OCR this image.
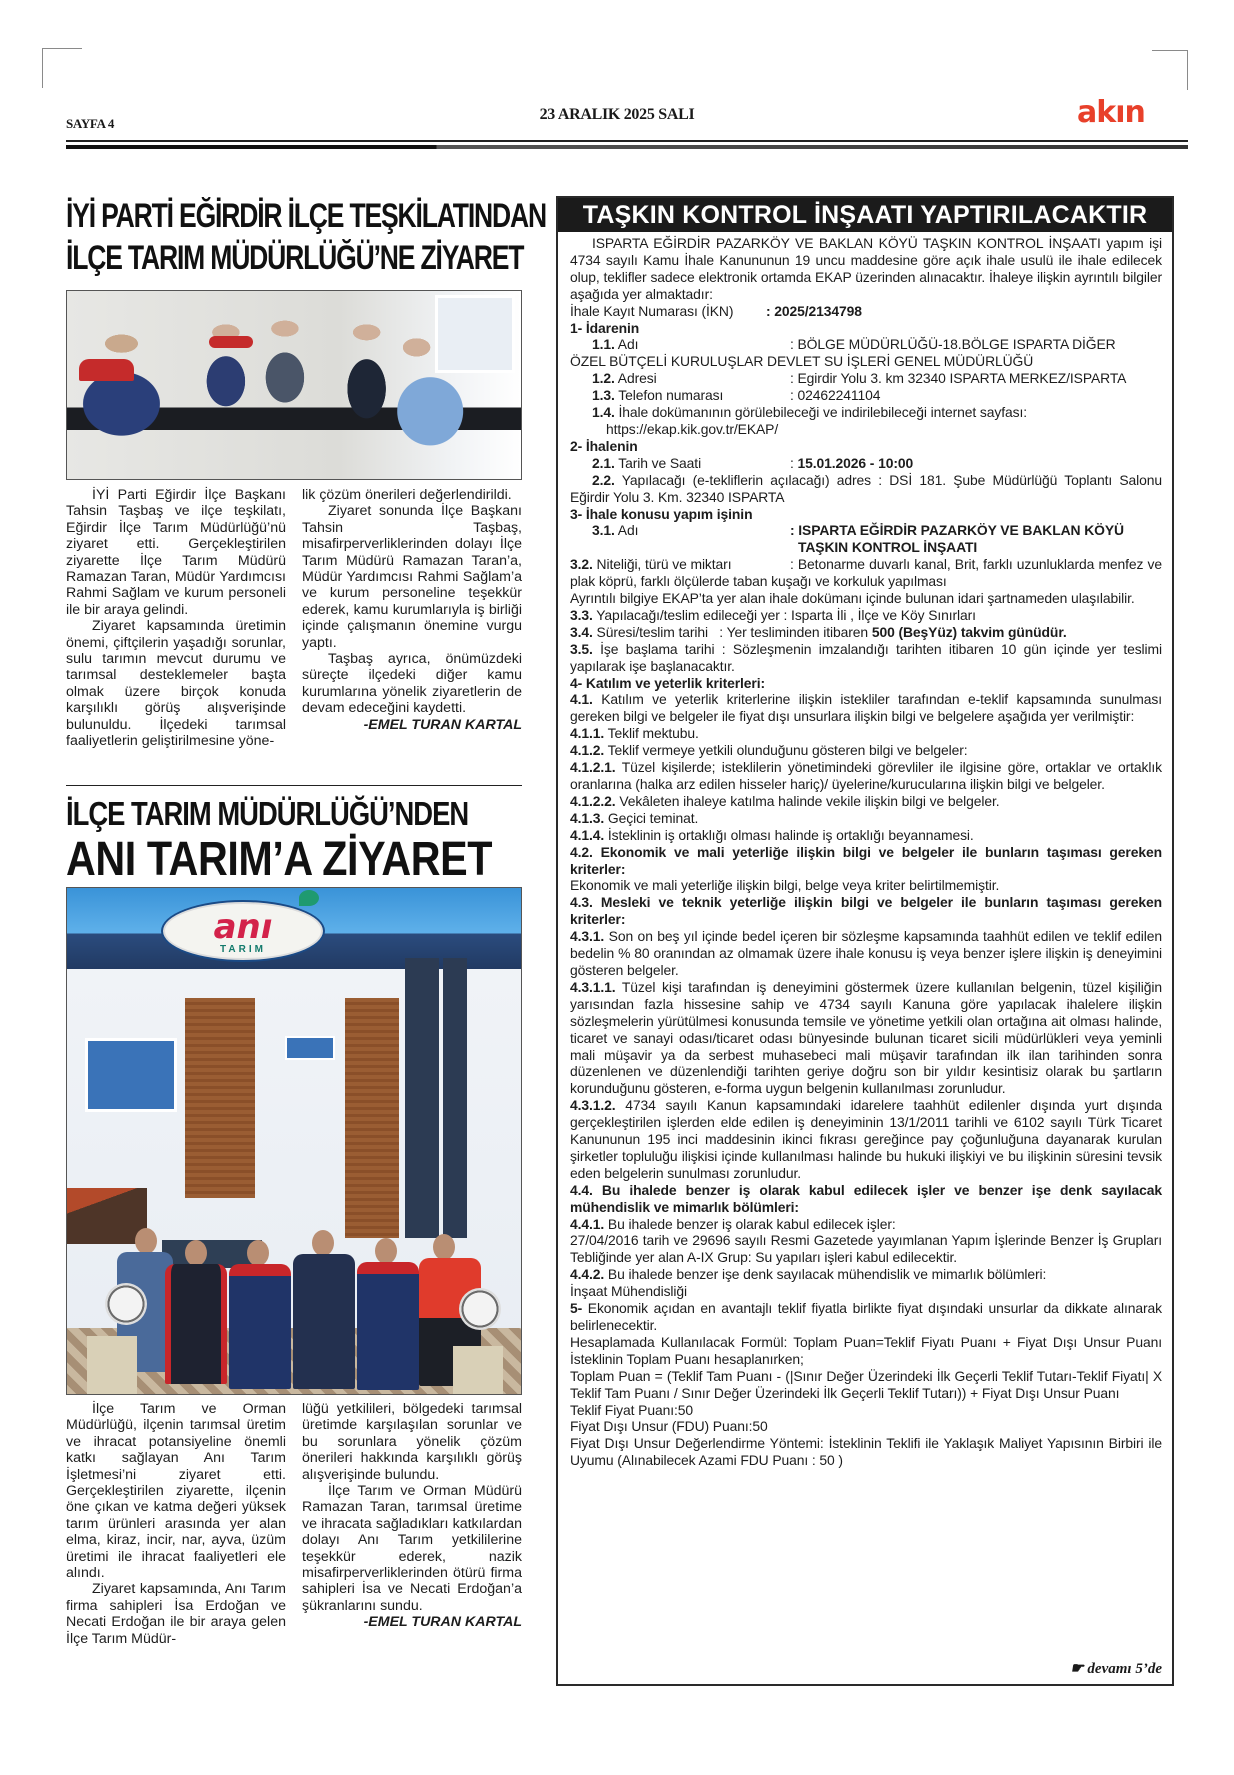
SAYFA 4
23 ARALIK 2025 SALI	akın
İYİ PARTİ EĞİRDİR İLÇE TEŞKİLATINDAN
İLÇE TARIM MÜDÜRLÜĞÜ’NE ZİYARET

İYİ Parti Eğirdir İlçe Başkanı Tahsin Taşbaş ve ilçe teşkilatı, Eğirdir İlçe Tarım Müdürlüğü’nü ziyaret etti. Gerçekleştirilen ziyarette İlçe Tarım Müdürü Ramazan Taran, Müdür Yardımcısı Rahmi Sağlam ve kurum personeli ile bir araya gelindi.

Ziyaret kapsamında üretimin önemi, çiftçilerin yaşadığı sorunlar, sulu tarımın mevcut durumu ve tarımsal desteklemeler başta olmak üzere birçok konuda karşılıklı görüş alışverişinde bulunuldu. İlçedeki tarımsal faaliyetlerin geliştirilmesine yöne-

lik çözüm önerileri değerlendirildi.

Ziyaret sonunda İlçe Başkanı Tahsin Taşbaş, misafirperverliklerinden dolayı İlçe Tarım Müdürü Ramazan Taran’a, Müdür Yardımcısı Rahmi Sağlam’a ve kurum personeline teşekkür ederek, kamu kurumlarıyla iş birliği içinde çalışmanın önemine vurgu yaptı.

Taşbaş ayrıca, önümüzdeki süreçte ilçedeki diğer kamu kurumlarına yönelik ziyaretlerin de devam edeceğini kaydetti.

-EMEL TURAN KARTAL
İLÇE TARIM MÜDÜRLÜĞÜ’NDEN
ANI TARIM’A ZİYARET
anı
TARIM

İlçe Tarım ve Orman Müdürlüğü, ilçenin tarımsal üretim ve ihracat potansiyeline önemli katkı sağlayan Anı Tarım İşletmesi’ni ziyaret etti. Gerçekleştirilen ziyarette, ilçenin öne çıkan ve katma değeri yüksek tarım ürünleri arasında yer alan elma, kiraz, incir, nar, ayva, üzüm üretimi ile ihracat faaliyetleri ele alındı.

Ziyaret kapsamında, Anı Tarım firma sahipleri İsa Erdoğan ve Necati Erdoğan ile bir araya gelen İlçe Tarım Müdür-

lüğü yetkilileri, bölgedeki tarımsal üretimde karşılaşılan sorunlar ve bu sorunlara yönelik çözüm önerileri hakkında karşılıklı görüş alışverişinde bulundu.

İlçe Tarım ve Orman Müdürü Ramazan Taran, tarımsal üretime ve ihracata sağladıkları katkılardan dolayı Anı Tarım yetkililerine teşekkür ederek, nazik misafirperverliklerinden ötürü firma sahipleri İsa ve Necati Erdoğan’a şükranlarını sundu.

-EMEL TURAN KARTAL
TAŞKIN KONTROL İNŞAATI YAPTIRILACAKTIR
ISPARTA EĞİRDİR PAZARKÖY VE BAKLAN KÖYÜ TAŞKIN KONTROL İNŞAATI yapım işi 4734 sayılı Kamu İhale Kanununun 19 uncu maddesine göre açık ihale usulü ile ihale edilecek olup, teklifler sadece elektronik ortamda EKAP üzerinden alınacaktır. İhaleye ilişkin ayrıntılı bilgiler aşağıda yer almaktadır:
İhale Kayıt Numarası (İKN)	: 2025/2134798
1- İdarenin
1.1. Adı	: BÖLGE MÜDÜRLÜĞÜ-18.BÖLGE ISPARTA DİĞER
ÖZEL BÜTÇELİ KURULUŞLAR DEVLET SU İŞLERİ GENEL MÜDÜRLÜĞÜ
1.2. Adresi	: Egirdir Yolu 3. km 32340 ISPARTA MERKEZ/ISPARTA
1.3. Telefon numarası	: 02462241104
1.4. İhale dokümanının görülebileceği ve indirilebileceği internet sayfası:
https://ekap.kik.gov.tr/EKAP/
2- İhalenin
2.1. Tarih ve Saati	: 15.01.2026 - 10:00
2.2. Yapılacağı (e-tekliflerin açılacağı) adres : DSİ 181. Şube Müdürlüğü Toplantı Salonu Eğirdir Yolu 3. Km. 32340 ISPARTA
3- İhale konusu yapım işinin
3.1. Adı	: ISPARTA EĞİRDİR PAZARKÖY VE BAKLAN KÖYÜ
TAŞKIN KONTROL İNŞAATI
3.2. Niteliği, türü ve miktarı	: Betonarme duvarlı kanal, Brit, farklı uzunluklarda menfez ve plak köprü, farklı ölçülerde taban kuşağı ve korkuluk yapılması
Ayrıntılı bilgiye EKAP’ta yer alan ihale dokümanı içinde bulunan idari şartnameden ulaşılabilir.
3.3. Yapılacağı/teslim edileceği yer : Isparta İli , İlçe ve Köy Sınırları
3.4. Süresi/teslim tarihi   : Yer tesliminden itibaren 500 (BeşYüz) takvim günüdür.
3.5. İşe başlama tarihi : Sözleşmenin imzalandığı tarihten itibaren 10 gün içinde yer teslimi yapılarak işe başlanacaktır.
4- Katılım ve yeterlik kriterleri:
4.1. Katılım ve yeterlik kriterlerine ilişkin istekliler tarafından e-teklif kapsamında sunulması gereken bilgi ve belgeler ile fiyat dışı unsurlara ilişkin bilgi ve belgelere aşağıda yer verilmiştir:
4.1.1. Teklif mektubu.
4.1.2. Teklif vermeye yetkili olunduğunu gösteren bilgi ve belgeler:
4.1.2.1. Tüzel kişilerde; isteklilerin yönetimindeki görevliler ile ilgisine göre, ortaklar ve ortaklık oranlarına (halka arz edilen hisseler hariç)/ üyelerine/kurucularına ilişkin bilgi ve belgeler.
4.1.2.2. Vekâleten ihaleye katılma halinde vekile ilişkin bilgi ve belgeler.
4.1.3. Geçici teminat.
4.1.4. İsteklinin iş ortaklığı olması halinde iş ortaklığı beyannamesi.
4.2. Ekonomik ve mali yeterliğe ilişkin bilgi ve belgeler ile bunların taşıması gereken kriterler:
Ekonomik ve mali yeterliğe ilişkin bilgi, belge veya kriter belirtilmemiştir.
4.3. Mesleki ve teknik yeterliğe ilişkin bilgi ve belgeler ile bunların taşıması gereken kriterler:
4.3.1. Son on beş yıl içinde bedel içeren bir sözleşme kapsamında taahhüt edilen ve teklif edilen bedelin % 80 oranından az olmamak üzere ihale konusu iş veya benzer işlere ilişkin iş deneyimini gösteren belgeler.
4.3.1.1. Tüzel kişi tarafından iş deneyimini göstermek üzere kullanılan belgenin, tüzel kişiliğin yarısından fazla hissesine sahip ve 4734 sayılı Kanuna göre yapılacak ihalelere ilişkin sözleşmelerin yürütülmesi konusunda temsile ve yönetime yetkili olan ortağına ait olması halinde, ticaret ve sanayi odası/ticaret odası bünyesinde bulunan ticaret sicili müdürlükleri veya yeminli mali müşavir ya da serbest muhasebeci mali müşavir tarafından ilk ilan tarihinden sonra düzenlenen ve düzenlendiği tarihten geriye doğru son bir yıldır kesintisiz olarak bu şartların korunduğunu gösteren, e-forma uygun belgenin kullanılması zorunludur.
4.3.1.2. 4734 sayılı Kanun kapsamındaki idarelere taahhüt edilenler dışında yurt dışında gerçekleştirilen işlerden elde edilen iş deneyiminin 13/1/2011 tarihli ve 6102 sayılı Türk Ticaret Kanununun 195 inci maddesinin ikinci fıkrası gereğince pay çoğunluğuna dayanarak kurulan şirketler topluluğu ilişkisi içinde kullanılması halinde bu hukuki ilişkiyi ve bu ilişkinin süresini tevsik eden belgelerin sunulması zorunludur.
4.4. Bu ihalede benzer iş olarak kabul edilecek işler ve benzer işe denk sayılacak mühendislik ve mimarlık bölümleri:
4.4.1. Bu ihalede benzer iş olarak kabul edilecek işler:
27/04/2016 tarih ve 29696 sayılı Resmi Gazetede yayımlanan Yapım İşlerinde Benzer İş Grupları Tebliğinde yer alan A-IX Grup: Su yapıları işleri kabul edilecektir.
4.4.2. Bu ihalede benzer işe denk sayılacak mühendislik ve mimarlık bölümleri:
İnşaat Mühendisliği
5- Ekonomik açıdan en avantajlı teklif fiyatla birlikte fiyat dışındaki unsurlar da dikkate alınarak belirlenecektir.
Hesaplamada Kullanılacak Formül: Toplam Puan=Teklif Fiyatı Puanı + Fiyat Dışı Unsur Puanı İsteklinin Toplam Puanı hesaplanırken;
Toplam Puan = (Teklif Tam Puanı - (|Sınır Değer Üzerindeki İlk Geçerli Teklif Tutarı-Teklif Fiyatı| X Teklif Tam Puanı / Sınır Değer Üzerindeki İlk Geçerli Teklif Tutarı)) + Fiyat Dışı Unsur Puanı
Teklif Fiyat Puanı:50
Fiyat Dışı Unsur (FDU) Puanı:50
Fiyat Dışı Unsur Değerlendirme Yöntemi: İsteklinin Teklifi ile Yaklaşık Maliyet Yapısının Birbiri ile Uyumu (Alınabilecek Azami FDU Puanı : 50 )
☛ devamı 5’de
